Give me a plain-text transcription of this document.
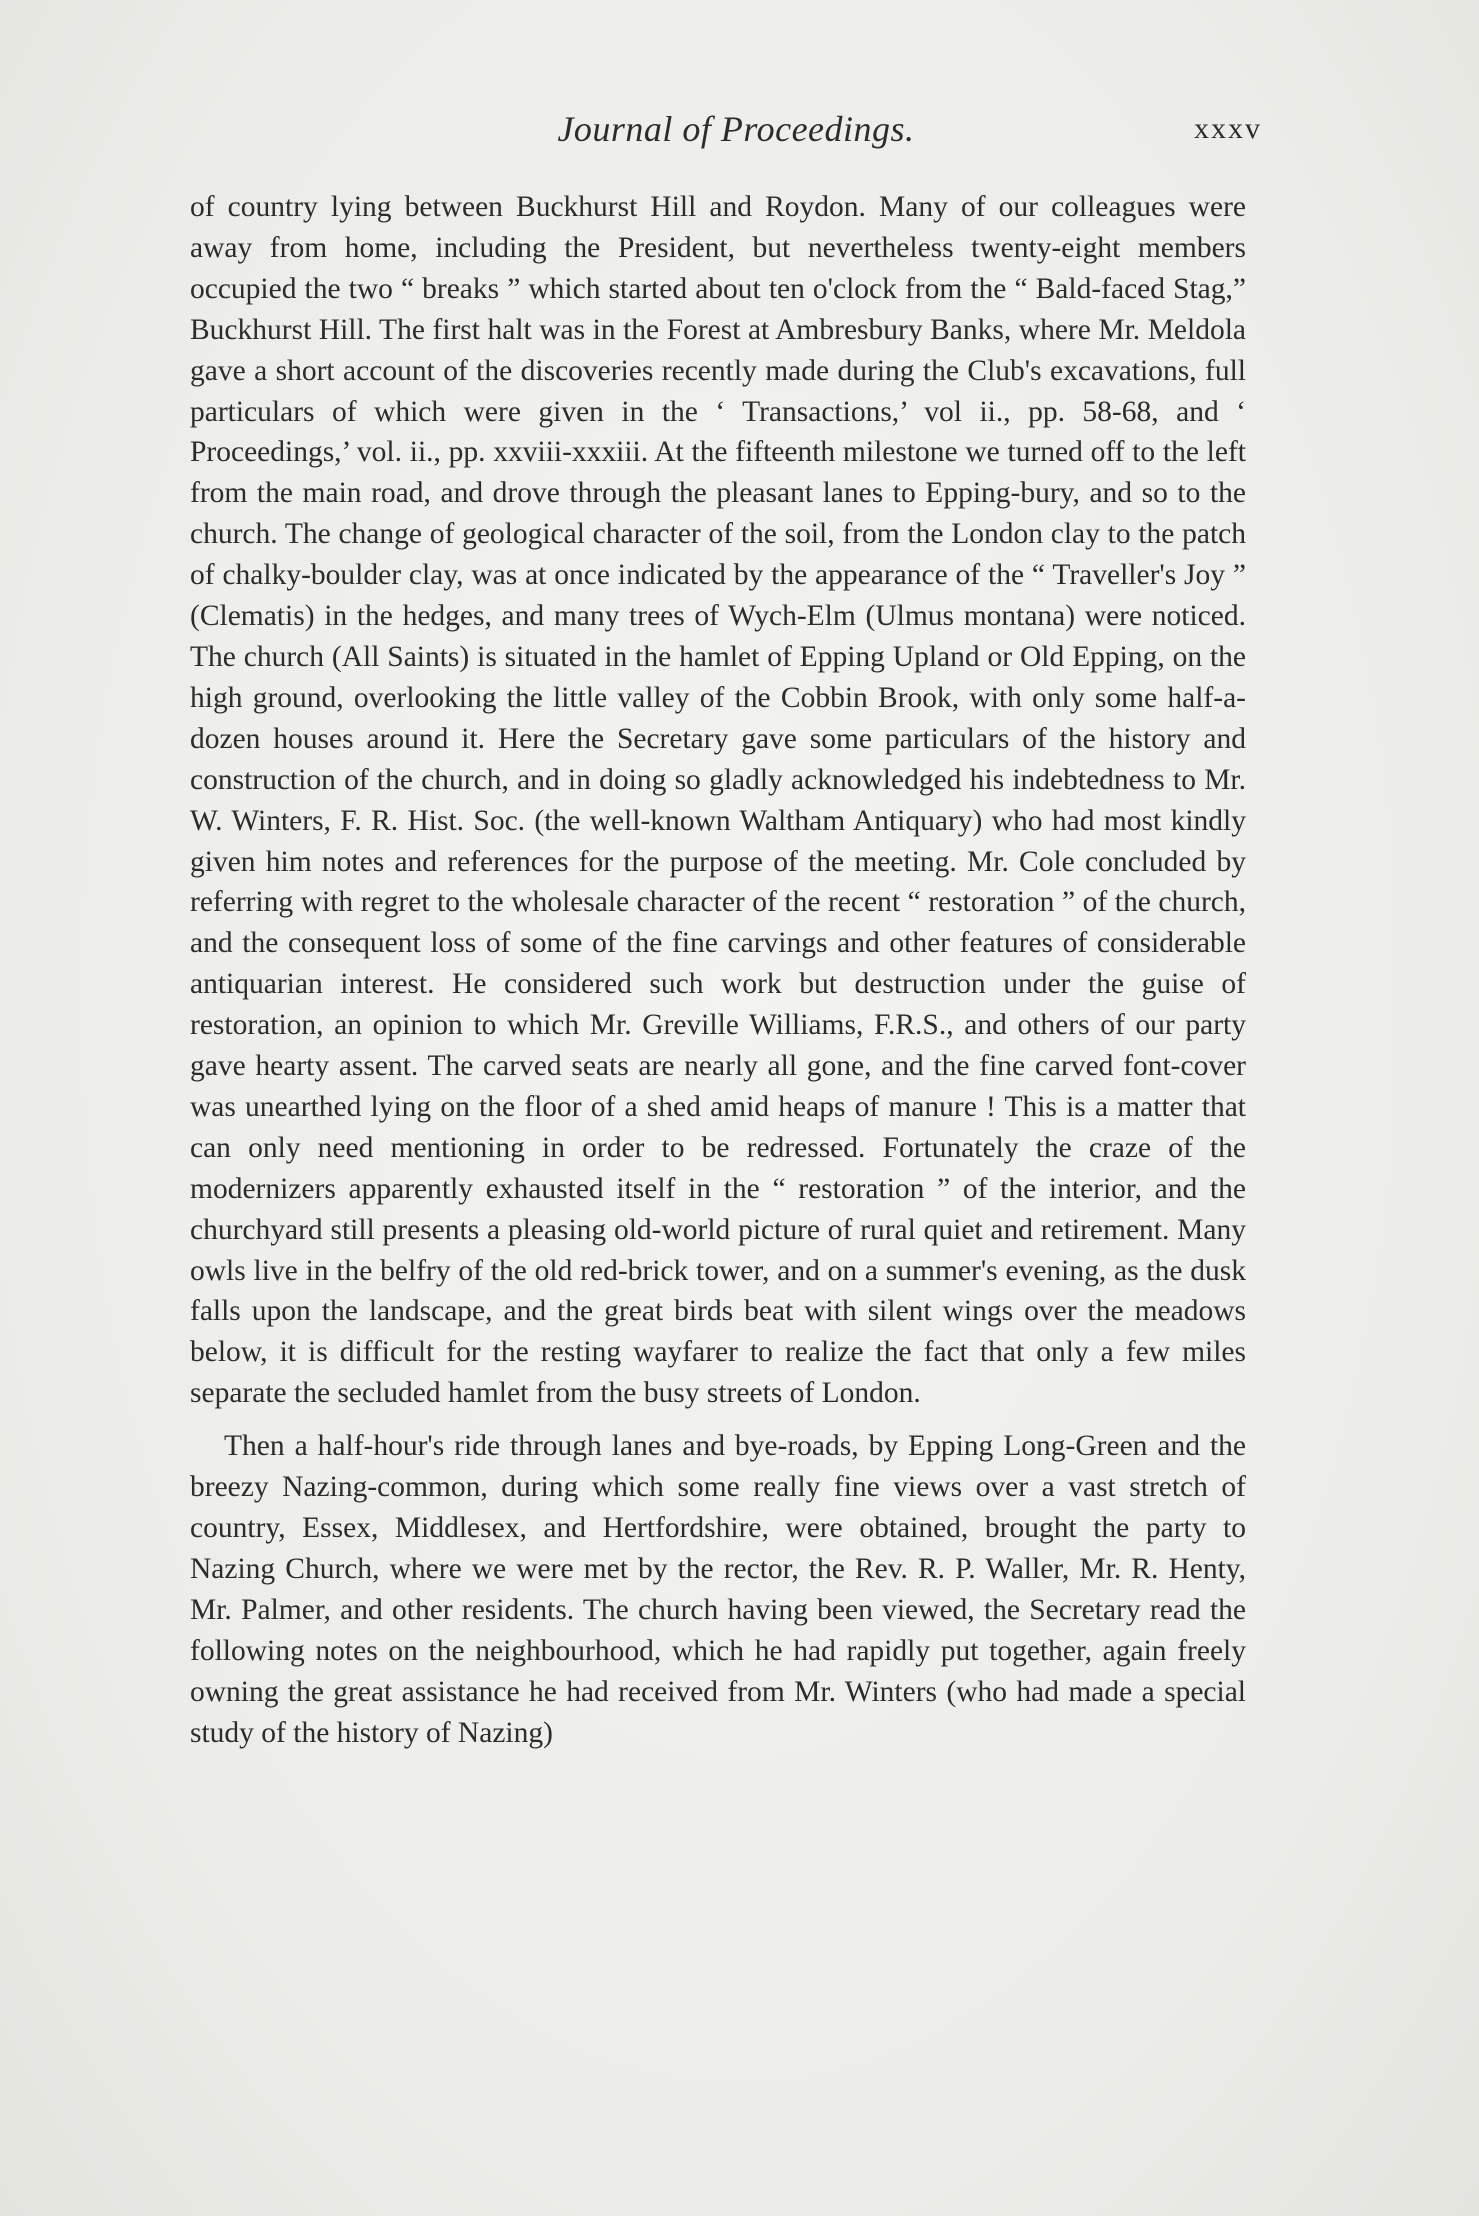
Journal of Proceedings.	xxxv

of country lying between Buckhurst Hill and Roydon. Many of our colleagues were away from home, including the President, but nevertheless twenty-eight members occupied the two “ breaks ” which started about ten o'clock from the “ Bald-faced Stag,” Buckhurst Hill. The first halt was in the Forest at Ambresbury Banks, where Mr. Meldola gave a short account of the discoveries recently made during the Club's excavations, full particulars of which were given in the ‘ Transactions,’ vol ii., pp. 58-68, and ‘ Proceedings,’ vol. ii., pp. xxviii-xxxiii. At the fifteenth milestone we turned off to the left from the main road, and drove through the pleasant lanes to Epping-bury, and so to the church. The change of geological character of the soil, from the London clay to the patch of chalky-boulder clay, was at once indicated by the appearance of the “ Traveller's Joy ” (Clematis) in the hedges, and many trees of Wych-Elm (Ulmus montana) were noticed. The church (All Saints) is situated in the hamlet of Epping Upland or Old Epping, on the high ground, overlooking the little valley of the Cobbin Brook, with only some half-a-dozen houses around it. Here the Secretary gave some particulars of the history and construction of the church, and in doing so gladly acknowledged his indebtedness to Mr. W. Winters, F. R. Hist. Soc. (the well-known Waltham Antiquary) who had most kindly given him notes and references for the purpose of the meeting. Mr. Cole concluded by referring with regret to the wholesale character of the recent “ restoration ” of the church, and the consequent loss of some of the fine carvings and other features of considerable antiquarian interest. He considered such work but destruction under the guise of restoration, an opinion to which Mr. Greville Williams, F.R.S., and others of our party gave hearty assent. The carved seats are nearly all gone, and the fine carved font-cover was unearthed lying on the floor of a shed amid heaps of manure ! This is a matter that can only need mentioning in order to be redressed. Fortunately the craze of the modernizers apparently exhausted itself in the “ restoration ” of the interior, and the churchyard still presents a pleasing old-world picture of rural quiet and retirement. Many owls live in the belfry of the old red-brick tower, and on a summer's evening, as the dusk falls upon the landscape, and the great birds beat with silent wings over the meadows below, it is difficult for the resting wayfarer to realize the fact that only a few miles separate the secluded hamlet from the busy streets of London.

Then a half-hour's ride through lanes and bye-roads, by Epping Long-Green and the breezy Nazing-common, during which some really fine views over a vast stretch of country, Essex, Middlesex, and Hertfordshire, were obtained, brought the party to Nazing Church, where we were met by the rector, the Rev. R. P. Waller, Mr. R. Henty, Mr. Palmer, and other residents. The church having been viewed, the Secretary read the following notes on the neighbourhood, which he had rapidly put together, again freely owning the great assistance he had received from Mr. Winters (who had made a special study of the history of Nazing)
